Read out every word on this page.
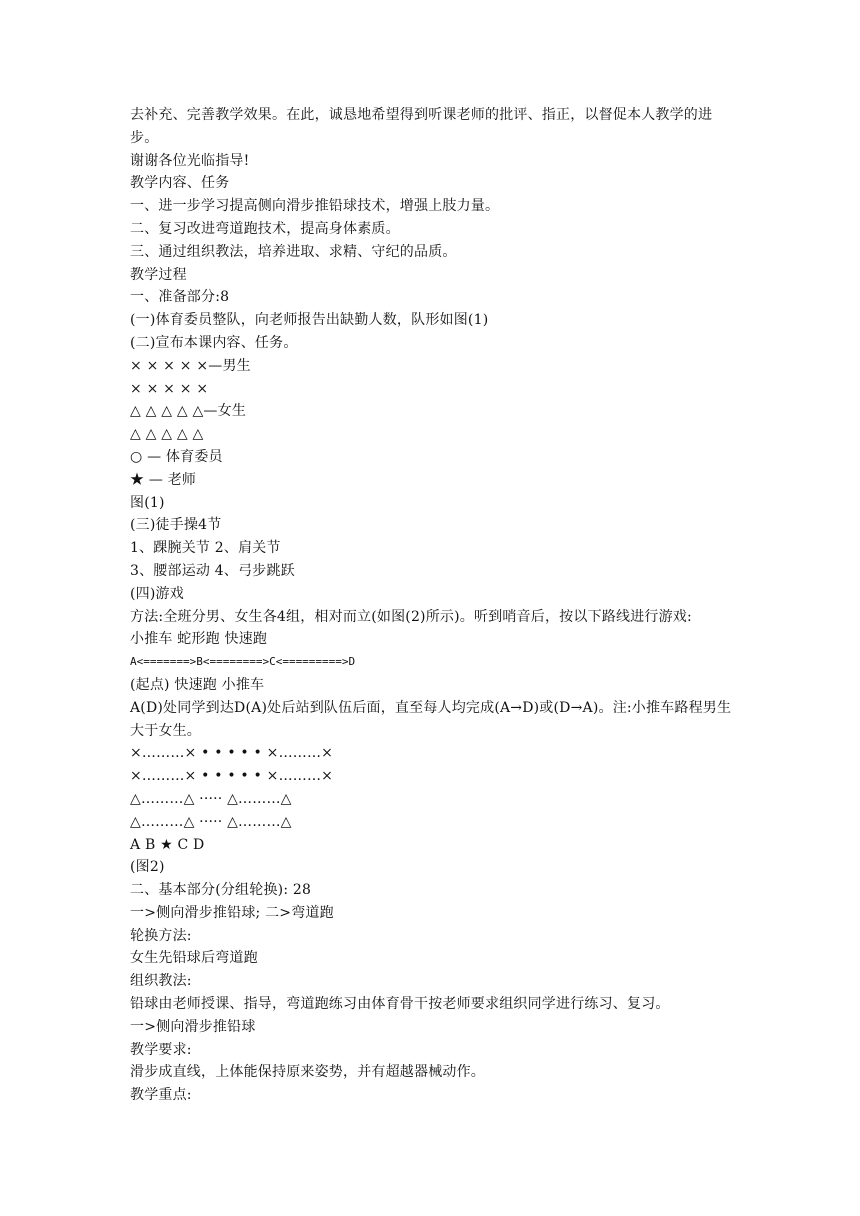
去补充、完善教学效果。在此，诚恳地希望得到听课老师的批评、指正，以督促本人教学的进步。
谢谢各位光临指导!
教学内容、任务
一、进一步学习提高侧向滑步推铅球技术，增强上肢力量。
二、复习改进弯道跑技术，提高身体素质。
三、通过组织教法，培养进取、求精、守纪的品质。
教学过程
一、准备部分:8
(一)体育委员整队，向老师报告出缺勤人数，队形如图(1)
(二)宣布本课内容、任务。
× × × × ×—男生
× × × × ×
△ △ △ △ △—女生
△ △ △ △ △
○ — 体育委员
★ — 老师
图(1)
(三)徒手操4节
1、踝腕关节 2、肩关节
3、腰部运动 4、弓步跳跃
(四)游戏
方法:全班分男、女生各4组，相对而立(如图(2)所示)。听到哨音后，按以下路线进行游戏:
小推车 蛇形跑 快速跑
A<=======>B<========>C<=========>D
(起点) 快速跑 小推车
A(D)处同学到达D(A)处后站到队伍后面，直至每人均完成(A→D)或(D→A)。注:小推车路程男生大于女生。
×………× • • • • • ×………×
×………× • • • • • ×………×
△………△ ····· △………△
△………△ ····· △………△
A B ★ C D
(图2)
二、基本部分(分组轮换): 28
一>侧向滑步推铅球; 二>弯道跑
轮换方法:
女生先铅球后弯道跑
组织教法:
铅球由老师授课、指导，弯道跑练习由体育骨干按老师要求组织同学进行练习、复习。
一>侧向滑步推铅球
教学要求:
滑步成直线，上体能保持原来姿势，并有超越器械动作。
教学重点:
